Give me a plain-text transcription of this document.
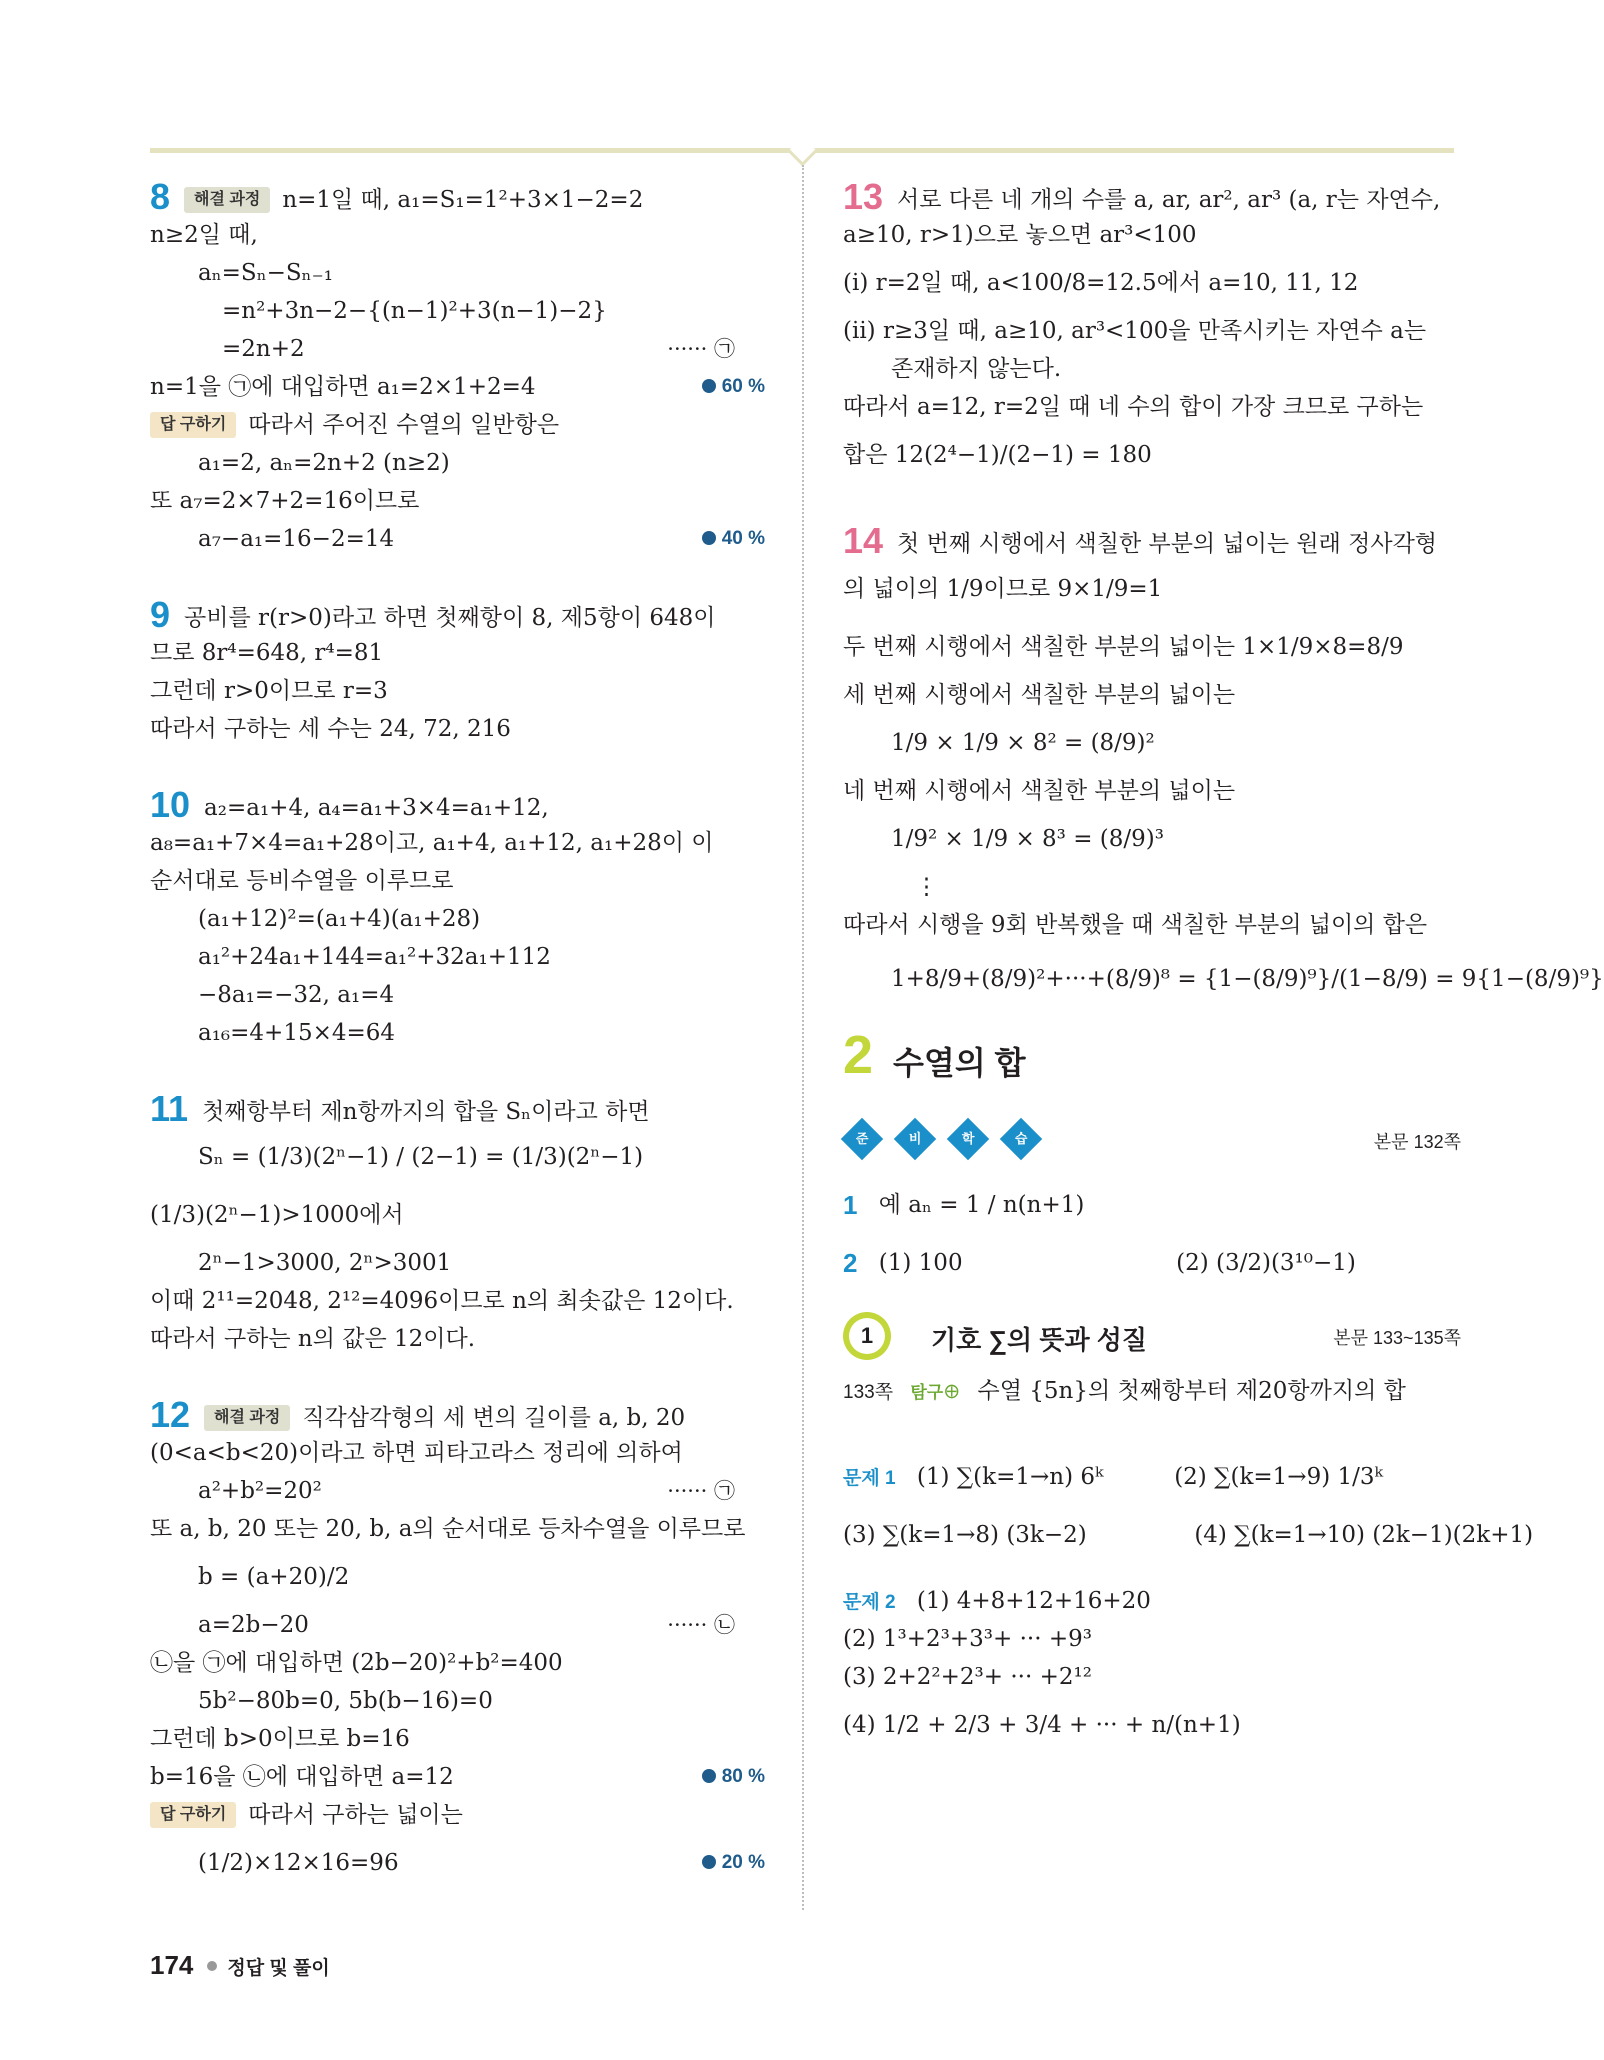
8 해결 과정 n=1일 때, a₁=S₁=1²+3×1−2=2
n≥2일 때,
aₙ=Sₙ−Sₙ₋₁
=n²+3n−2−{(n−1)²+3(n−1)−2}
=2n+2	······ ㉠
n=1을 ㉠에 대입하면 a₁=2×1+2=4	60 %
답 구하기 따라서 주어진 수열의 일반항은
a₁=2, aₙ=2n+2 (n≥2)
또 a₇=2×7+2=16이므로
a₇−a₁=16−2=14	40 %
9 공비를 r(r>0)라고 하면 첫째항이 8, 제5항이 648이
므로 8r⁴=648, r⁴=81
그런데 r>0이므로 r=3
따라서 구하는 세 수는 24, 72, 216
10 a₂=a₁+4, a₄=a₁+3×4=a₁+12,
a₈=a₁+7×4=a₁+28이고, a₁+4, a₁+12, a₁+28이 이
순서대로 등비수열을 이루므로
(a₁+12)²=(a₁+4)(a₁+28)
a₁²+24a₁+144=a₁²+32a₁+112
−8a₁=−32, a₁=4
a₁₆=4+15×4=64
11 첫째항부터 제n항까지의 합을 Sₙ이라고 하면
Sₙ = (1/3)(2ⁿ−1) / (2−1) = (1/3)(2ⁿ−1)
(1/3)(2ⁿ−1)>1000에서
2ⁿ−1>3000, 2ⁿ>3001
이때 2¹¹=2048, 2¹²=4096이므로 n의 최솟값은 12이다.
따라서 구하는 n의 값은 12이다.
12 해결 과정 직각삼각형의 세 변의 길이를 a, b, 20
(0<a<b<20)이라고 하면 피타고라스 정리에 의하여
a²+b²=20²	······ ㉠
또 a, b, 20 또는 20, b, a의 순서대로 등차수열을 이루므로
b = (a+20)/2
a=2b−20	······ ㉡
㉡을 ㉠에 대입하면 (2b−20)²+b²=400
5b²−80b=0, 5b(b−16)=0
그런데 b>0이므로 b=16
b=16을 ㉡에 대입하면 a=12	80 %
답 구하기 따라서 구하는 넓이는
(1/2)×12×16=96	20 %
13 서로 다른 네 개의 수를 a, ar, ar², ar³ (a, r는 자연수,
a≥10, r>1)으로 놓으면 ar³<100
(ⅰ) r=2일 때, a<100/8=12.5에서 a=10, 11, 12
(ⅱ) r≥3일 때, a≥10, ar³<100을 만족시키는 자연수 a는
존재하지 않는다.
따라서 a=12, r=2일 때 네 수의 합이 가장 크므로 구하는
합은 12(2⁴−1)/(2−1) = 180
14 첫 번째 시행에서 색칠한 부분의 넓이는 원래 정사각형
의 넓이의 1/9이므로 9×1/9=1
두 번째 시행에서 색칠한 부분의 넓이는 1×1/9×8=8/9
세 번째 시행에서 색칠한 부분의 넓이는
1/9 × 1/9 × 8² = (8/9)²
네 번째 시행에서 색칠한 부분의 넓이는
1/9² × 1/9 × 8³ = (8/9)³
⋮
따라서 시행을 9회 반복했을 때 색칠한 부분의 넓이의 합은
1+8/9+(8/9)²+···+(8/9)⁸ = {1−(8/9)⁹}/(1−8/9) = 9{1−(8/9)⁹}
2 수열의 합
준	비	학	습	본문 132쪽
1 예 aₙ = 1 / n(n+1)
2 (1) 100	(2) (3/2)(3¹⁰−1)
1	기호 ∑의 뜻과 성질	본문 133~135쪽
133쪽 탐구⊕ 수열 {5n}의 첫째항부터 제20항까지의 합
문제 1 (1) ∑(k=1→n) 6ᵏ	(2) ∑(k=1→9) 1/3ᵏ
(3) ∑(k=1→8) (3k−2)	(4) ∑(k=1→10) (2k−1)(2k+1)
문제 2 (1) 4+8+12+16+20
(2) 1³+2³+3³+ ··· +9³
(3) 2+2²+2³+ ··· +2¹²
(4) 1/2 + 2/3 + 3/4 + ··· + n/(n+1)
174 정답 및 풀이
